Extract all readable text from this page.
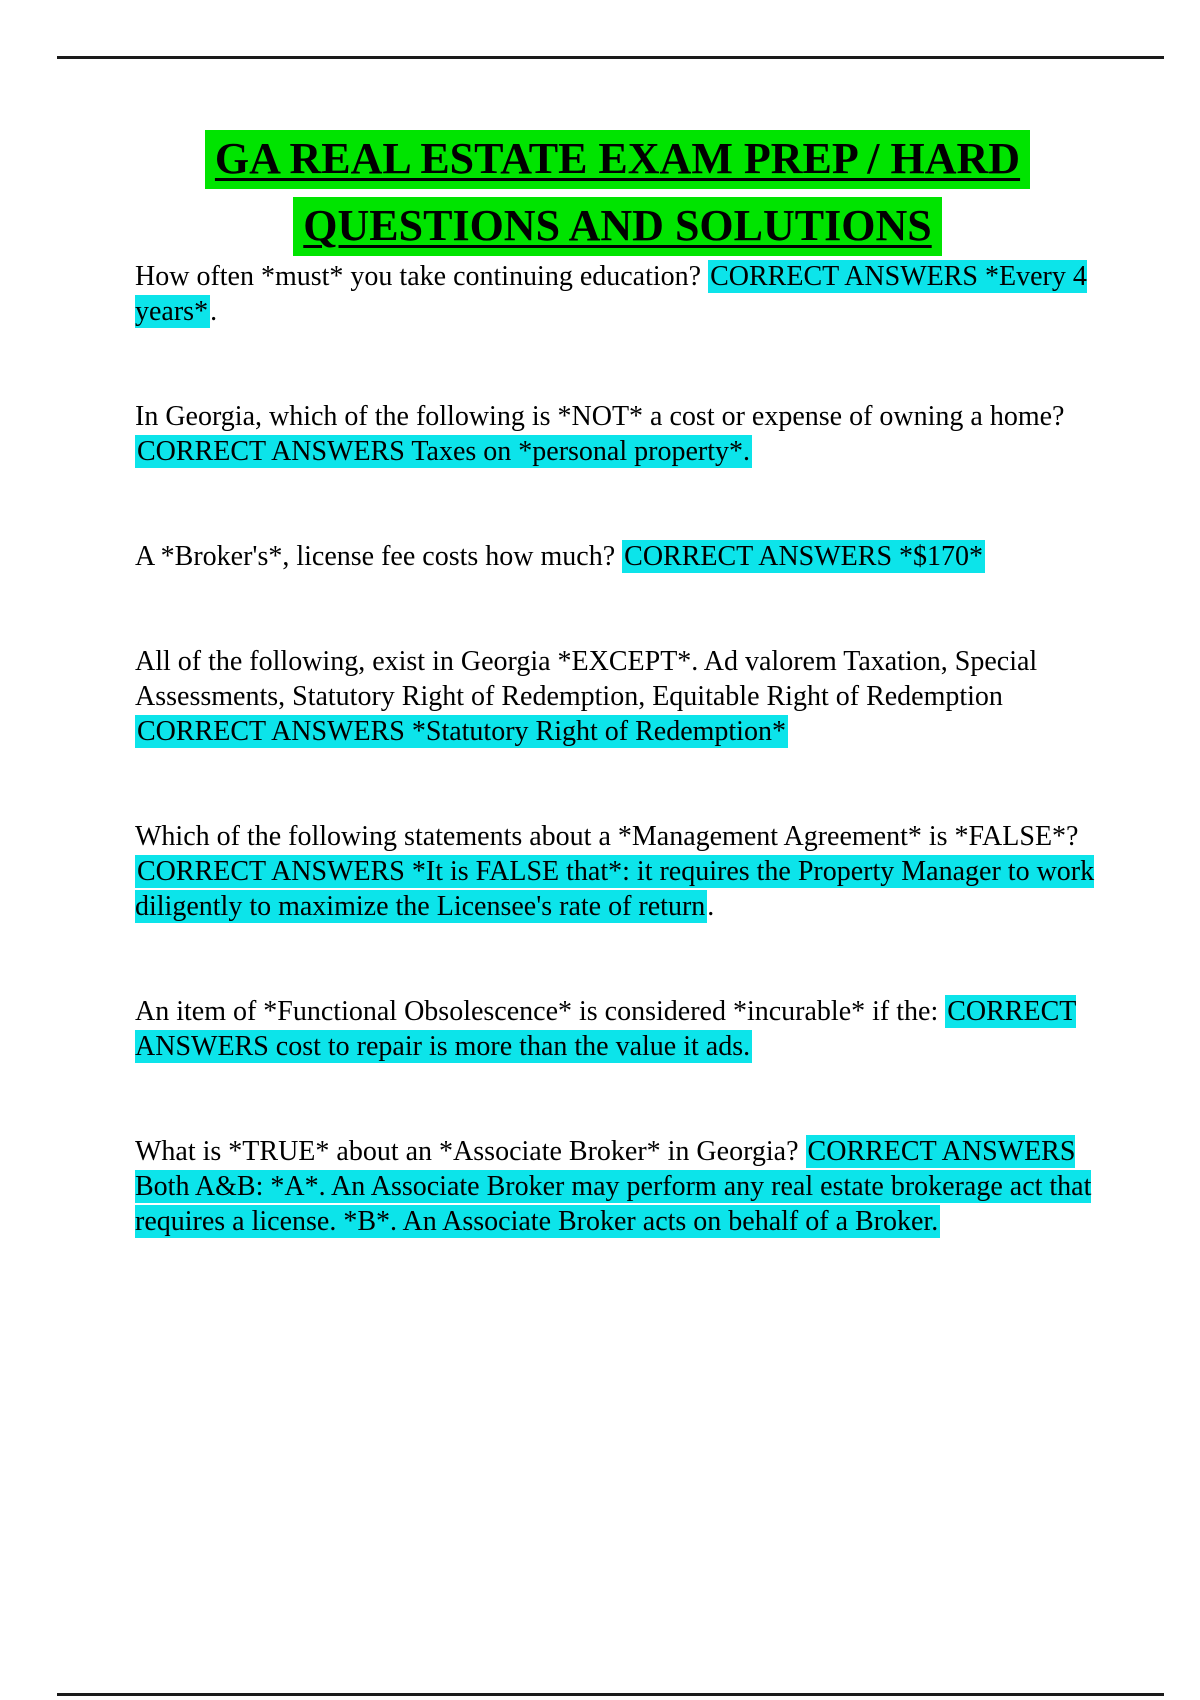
GA REAL ESTATE EXAM PREP / HARD
QUESTIONS AND SOLUTIONS

How often *must* you take continuing education? CORRECT ANSWERS *Every 4 years*.

In Georgia, which of the following is *NOT* a cost or expense of owning a home? CORRECT ANSWERS Taxes on *personal property*.

A *Broker's*, license fee costs how much? CORRECT ANSWERS *$170*

All of the following, exist in Georgia *EXCEPT*. Ad valorem Taxation, Special Assessments, Statutory Right of Redemption, Equitable Right of Redemption CORRECT ANSWERS *Statutory Right of Redemption*

Which of the following statements about a *Management Agreement* is *FALSE*? CORRECT ANSWERS *It is FALSE that*: it requires the Property Manager to work diligently to maximize the Licensee's rate of return.

An item of *Functional Obsolescence* is considered *incurable* if the: CORRECT ANSWERS cost to repair is more than the value it ads.

What is *TRUE* about an *Associate Broker* in Georgia? CORRECT ANSWERS Both A&B: *A*. An Associate Broker may perform any real estate brokerage act that requires a license. *B*. An Associate Broker acts on behalf of a Broker.
